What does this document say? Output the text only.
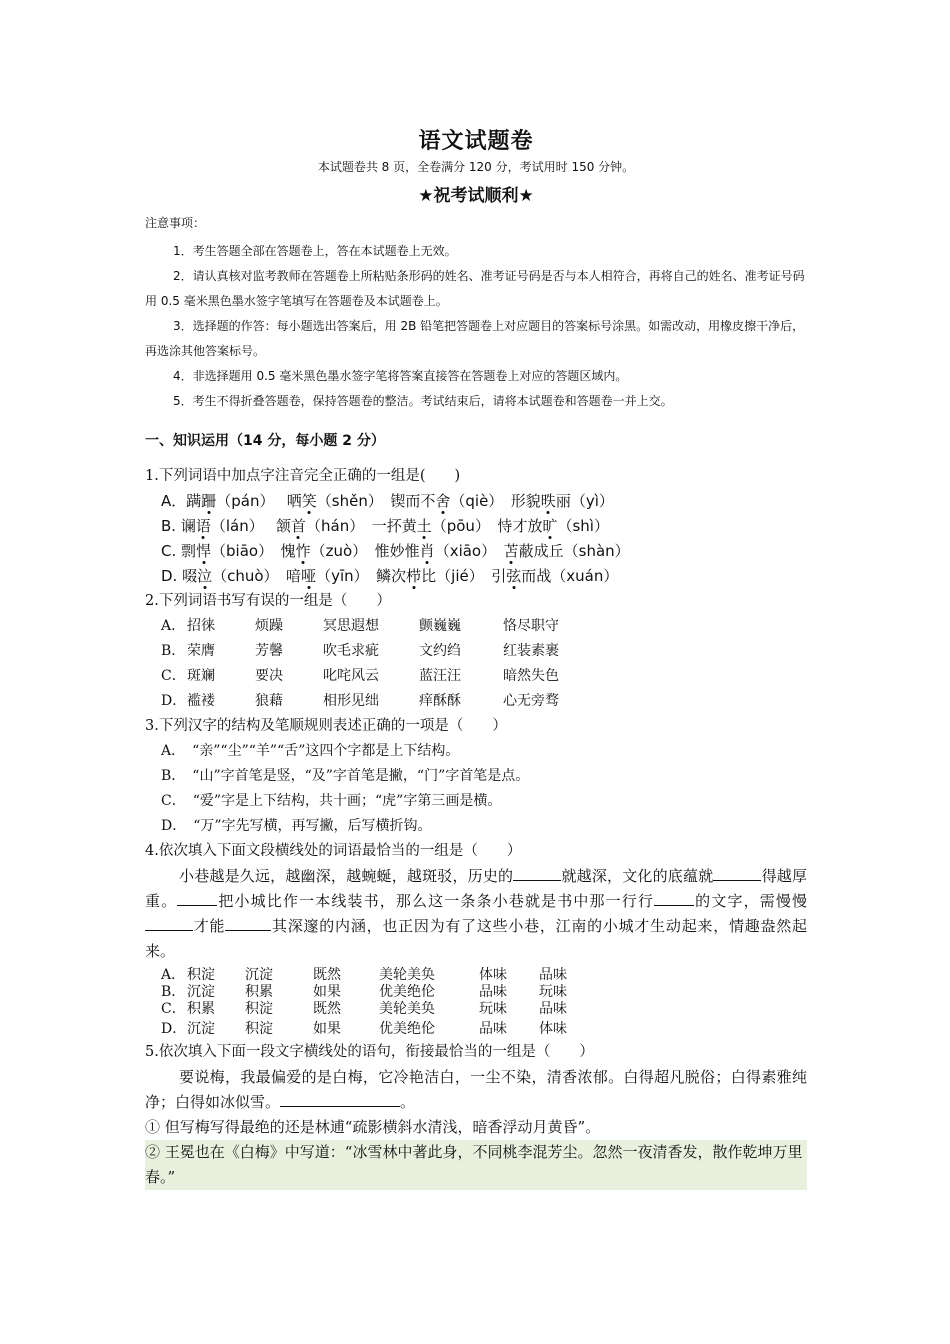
语文试题卷
本试题卷共 8 页，全卷满分 120 分，考试用时 150 分钟。
★祝考试顺利★
注意事项：
1．考生答题全部在答题卷上，答在本试题卷上无效。
2．请认真核对监考教师在答题卷上所粘贴条形码的姓名、准考证号码是否与本人相符合，再将自己的姓名、准考证号码用 0.5 毫米黑色墨水签字笔填写在答题卷及本试题卷上。
3．选择题的作答：每小题选出答案后，用 2B 铅笔把答题卷上对应题目的答案标号涂黑。如需改动，用橡皮擦干净后，再选涂其他答案标号。
4．非选择题用 0.5 毫米黑色墨水签字笔将答案直接答在答题卷上对应的答题区域内。
5．考生不得折叠答题卷，保持答题卷的整洁。考试结束后，请将本试题卷和答题卷一并上交。
一、知识运用（14 分，每小题 2 分）
1.下列词语中加点字注音完全正确的一组是(　　)
A．蹒跚（pán）　 哂笑（shěn）　锲而不舍（qiè）　形貌昳丽（yì）
B. 谰语（lán）　 颔首（hán）　一抔黄土（pōu）　恃才放旷（shì）
C. 剽悍（biāo）　愧怍（zuò）　惟妙惟肖（xiāo）　苫蔽成丘（shàn）
D. 啜泣（chuò）　喑哑（yīn）　鳞次栉比（jié）　引弦而战（xuán）
2.下列词语书写有误的一组是（　　）
A． 招徕	烦躁	冥思遐想	颤巍巍	恪尽职守
B． 荣膺	芳馨	吹毛求疵	文约绉	红装素裹
C． 斑斓	要决	叱咤风云	蓝汪汪	暗然失色
D． 褴褛	狼藉	相形见绌	痒酥酥	心无旁骛
3.下列汉字的结构及笔顺规则表述正确的一项是（　　）
A．　“亲”“尘”“羊”“舌”这四个字都是上下结构。
B．　“山”字首笔是竖，“及”字首笔是撇，“门”字首笔是点。
C．　“爱”字是上下结构，共十画；“虎”字第三画是横。
D．　“万”字先写横，再写撇，后写横折钩。
4.依次填入下面文段横线处的词语最恰当的一组是（　　）
小巷越是久远，越幽深，越蜿蜒，越斑驳，历史的	就越深，文化的底蕴就	得越厚重。	把小城比作一本线装书，那么这一条条小巷就是书中那一行行	的文字，需慢慢才能	其深邃的内涵，也正因为有了这些小巷，江南的小城才生动起来，情趣盎然起来。
A． 积淀	沉淀	既然	美轮美奂	体味	品味
B． 沉淀	积累	如果	优美绝伦	品味	玩味
C． 积累	积淀	既然	美轮美奂	玩味	品味
D． 沉淀	积淀	如果	优美绝伦	品味	体味
5.依次填入下面一段文字横线处的语句，衔接最恰当的一组是（　　）
要说梅，我最偏爱的是白梅，它冷艳洁白，一尘不染，清香浓郁。白得超凡脱俗；白得素雅纯净；白得如冰似雪。	。
① 但写梅写得最绝的还是林逋“疏影横斜水清浅，暗香浮动月黄昏”。
② 王冕也在《白梅》中写道：“冰雪林中著此身，不同桃李混芳尘。忽然一夜清香发，散作乾坤万里春。”
